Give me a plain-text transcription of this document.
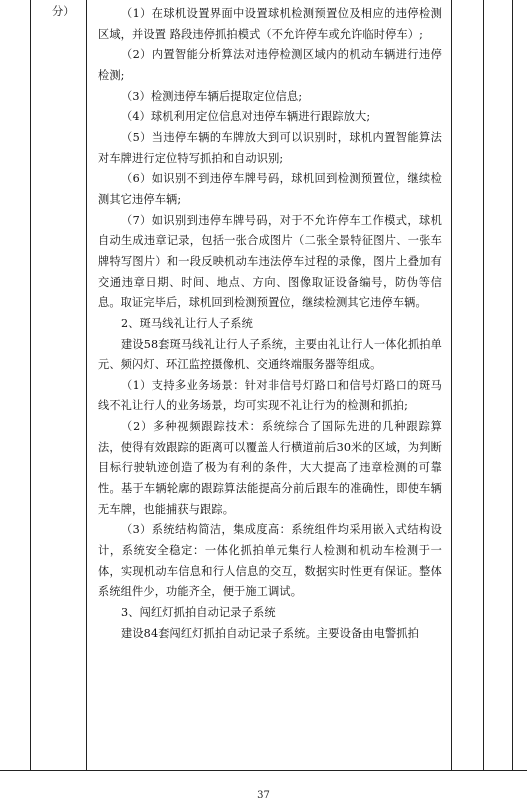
分）	（1）在球机设置界面中设置球机检测预置位及相应的违停检测区域，并设置 路段违停抓拍模式（不允许停车或允许临时停车）;

（2）内置智能分析算法对违停检测区域内的机动车辆进行违停检测;

（3）检测违停车辆后提取定位信息;

（4）球机利用定位信息对违停车辆进行跟踪放大;

（5）当违停车辆的车牌放大到可以识别时，球机内置智能算法对车牌进行定位特写抓拍和自动识别;

（6）如识别不到违停车牌号码，球机回到检测预置位，继续检测其它违停车辆;

（7）如识别到违停车牌号码，对于不允许停车工作模式，球机自动生成违章记录，包括一张合成图片（二张全景特征图片、一张车牌特写图片）和一段反映机动车违法停车过程的录像，图片上叠加有交通违章日期、时间、地点、方向、图像取证设备编号，防伪等信息。取证完毕后，球机回到检测预置位，继续检测其它违停车辆。

2、斑马线礼让行人子系统

建设58套斑马线礼让行人子系统，主要由礼让行人一体化抓拍单元、频闪灯、环江监控摄像机、交通终端服务器等组成。

（1）支持多业务场景：针对非信号灯路口和信号灯路口的斑马线不礼让行人的业务场景，均可实现不礼让行为的检测和抓拍;

（2）多种视频跟踪技术：系统综合了国际先进的几种跟踪算法，使得有效跟踪的距离可以覆盖人行横道前后30米的区域，为判断目标行驶轨迹创造了极为有利的条件，大大提高了违章检测的可靠性。基于车辆轮廓的跟踪算法能提高分前后跟车的准确性，即使车辆无车牌，也能捕获与跟踪。

（3）系统结构简洁，集成度高：系统组件均采用嵌入式结构设计，系统安全稳定：一体化抓拍单元集行人检测和机动车检测于一体，实现机动车信息和行人信息的交互，数据实时性更有保证。整体系统组件少，功能齐全，便于施工调试。

3、闯红灯抓拍自动记录子系统

建设84套闯红灯抓拍自动记录子系统。主要设备由电警抓拍

37
